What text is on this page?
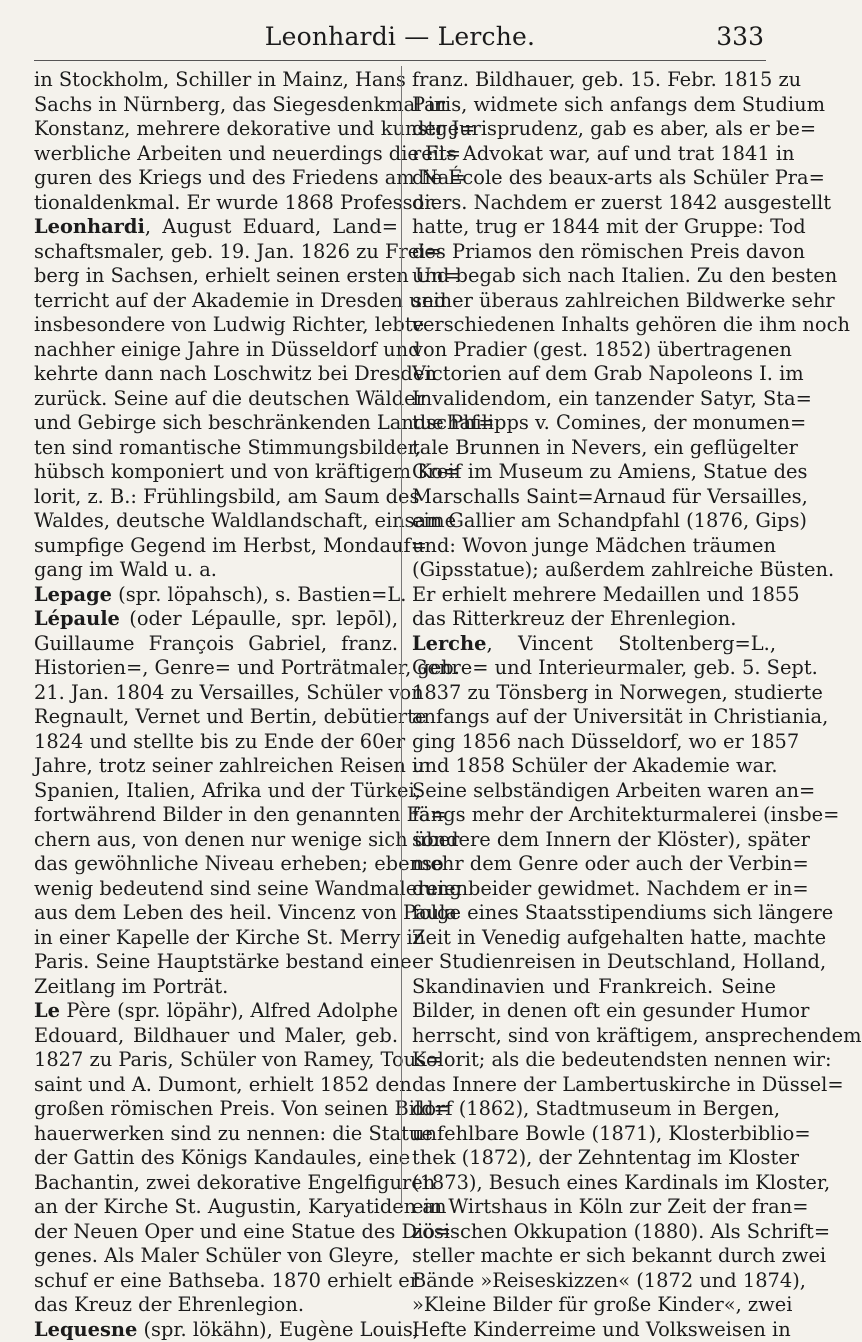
Leonhardi — Lerche.	333
in Stockholm, Schiller in Mainz, Hans
Sachs in Nürnberg, das Siegesdenkmal in
Konstanz, mehrere dekorative und kunstge=
werbliche Arbeiten und neuerdings die Fi=
guren des Kriegs und des Friedens am Na=
tionaldenkmal. Er wurde 1868 Professor.
Leonhardi, August Eduard, Land=
schaftsmaler, geb. 19. Jan. 1826 zu Frei=
berg in Sachsen, erhielt seinen ersten Un=
terricht auf der Akademie in Dresden und
insbesondere von Ludwig Richter, lebte
nachher einige Jahre in Düsseldorf und
kehrte dann nach Loschwitz bei Dresden
zurück. Seine auf die deutschen Wälder
und Gebirge sich beschränkenden Landschaf=
ten sind romantische Stimmungsbilder,
hübsch komponiert und von kräftigem Ko=
lorit, z. B.: Frühlingsbild, am Saum des
Waldes, deutsche Waldlandschaft, einsame
sumpfige Gegend im Herbst, Mondauf=
gang im Wald u. a.
Lepage (spr. löpahsch), s. Bastien=L.
Lépaule (oder Lépaulle, spr. lepōl),
Guillaume François Gabriel, franz.
Historien=, Genre= und Porträtmaler, geb.
21. Jan. 1804 zu Versailles, Schüler von
Regnault, Vernet und Bertin, debütierte
1824 und stellte bis zu Ende der 60er
Jahre, trotz seiner zahlreichen Reisen in
Spanien, Italien, Afrika und der Türkei,
fortwährend Bilder in den genannten Fä=
chern aus, von denen nur wenige sich über
das gewöhnliche Niveau erheben; ebenso
wenig bedeutend sind seine Wandmalereien
aus dem Leben des heil. Vincenz von Paula
in einer Kapelle der Kirche St. Merry in
Paris. Seine Hauptstärke bestand eine
Zeitlang im Porträt.
Le Père (spr. löpähr), Alfred Adolphe
Edouard, Bildhauer und Maler, geb.
1827 zu Paris, Schüler von Ramey, Tous=
saint und A. Dumont, erhielt 1852 den
großen römischen Preis. Von seinen Bild=
hauerwerken sind zu nennen: die Statue
der Gattin des Königs Kandaules, eine
Bachantin, zwei dekorative Engelfiguren
an der Kirche St. Augustin, Karyatiden an
der Neuen Oper und eine Statue des Dio=
genes. Als Maler Schüler von Gleyre,
schuf er eine Bathseba. 1870 erhielt er
das Kreuz der Ehrenlegion.
Lequesne (spr. lökähn), Eugène Louis,
franz. Bildhauer, geb. 15. Febr. 1815 zu
Paris, widmete sich anfangs dem Studium
der Jurisprudenz, gab es aber, als er be=
reits Advokat war, auf und trat 1841 in
die École des beaux-arts als Schüler Pra=
diers. Nachdem er zuerst 1842 ausgestellt
hatte, trug er 1844 mit der Gruppe: Tod
des Priamos den römischen Preis davon
und begab sich nach Italien. Zu den besten
seiner überaus zahlreichen Bildwerke sehr
verschiedenen Inhalts gehören die ihm noch
von Pradier (gest. 1852) übertragenen
Victorien auf dem Grab Napoleons I. im
Invalidendom, ein tanzender Satyr, Sta=
tue Philipps v. Comines, der monumen=
tale Brunnen in Nevers, ein geflügelter
Greif im Museum zu Amiens, Statue des
Marschalls Saint=Arnaud für Versailles,
ein Gallier am Schandpfahl (1876, Gips)
und: Wovon junge Mädchen träumen
(Gipsstatue); außerdem zahlreiche Büsten.
Er erhielt mehrere Medaillen und 1855
das Ritterkreuz der Ehrenlegion.
Lerche, Vincent Stoltenberg=L.,
Genre= und Interieurmaler, geb. 5. Sept.
1837 zu Tönsberg in Norwegen, studierte
anfangs auf der Universität in Christiania,
ging 1856 nach Düsseldorf, wo er 1857
und 1858 Schüler der Akademie war.
Seine selbständigen Arbeiten waren an=
fangs mehr der Architekturmalerei (insbe=
sondere dem Innern der Klöster), später
mehr dem Genre oder auch der Verbin=
dung beider gewidmet. Nachdem er in=
folge eines Staatsstipendiums sich längere
Zeit in Venedig aufgehalten hatte, machte
er Studienreisen in Deutschland, Holland,
Skandinavien und Frankreich. Seine
Bilder, in denen oft ein gesunder Humor
herrscht, sind von kräftigem, ansprechendem
Kolorit; als die bedeutendsten nennen wir:
das Innere der Lambertuskirche in Düssel=
dorf (1862), Stadtmuseum in Bergen,
unfehlbare Bowle (1871), Klosterbiblio=
thek (1872), der Zehntentag im Kloster
(1873), Besuch eines Kardinals im Kloster,
ein Wirtshaus in Köln zur Zeit der fran=
zösischen Okkupation (1880). Als Schrift=
steller machte er sich bekannt durch zwei
Bände »Reiseskizzen« (1872 und 1874),
»Kleine Bilder für große Kinder«, zwei
Hefte Kinderreime und Volksweisen in
